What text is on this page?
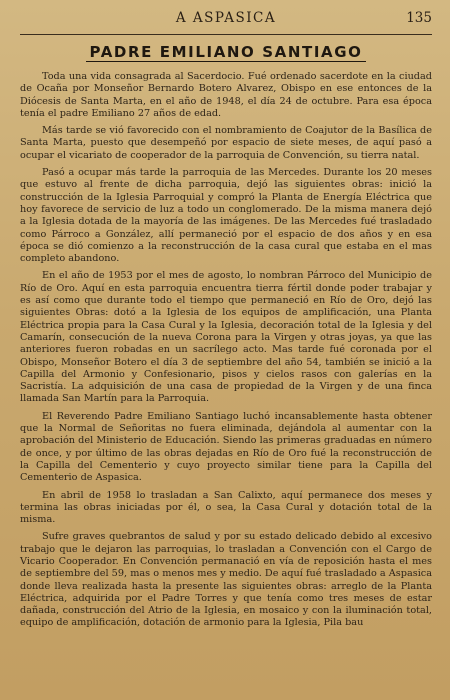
A ASPASICA	135
PADRE EMILIANO SANTIAGO

Toda una vida consagrada al Sacerdocio. Fué ordenado sacerdote en la ciudad de Ocaña por Monseñor Bernardo Botero Alvarez, Obispo en ese entonces de la Diócesis de Santa Marta, en el año de 1948, el día 24 de octubre. Para esa época tenía el padre Emiliano 27 años de edad.

Más tarde se vió favorecido con el nombramiento de Coajutor de la Basílica de Santa Marta, puesto que desempeñó por espacio de siete meses, de aquí pasó a ocupar el vicariato de cooperador de la parroquia de Convención, su tierra natal.

Pasó a ocupar más tarde la parroquia de las Mercedes. Durante los 20 meses que estuvo al frente de dicha parroquia, dejó las siguientes obras: inició la construcción de la Iglesia Parroquial y compró la Planta de Energía Eléctrica que hoy favorece de servicio de luz a todo un conglomerado. De la misma manera dejó a la Iglesia dotada de la mayoría de las imágenes. De las Mercedes fué trasladado como Párroco a González, allí permaneció por el espacio de dos años y en esa época se dió comienzo a la reconstrucción de la casa cural que estaba en el mas completo abandono.

En el año de 1953 por el mes de agosto, lo nombran Párroco del Municipio de Río de Oro. Aquí en esta parroquia encuentra tierra fértil donde poder trabajar y es así como que durante todo el tiempo que permaneció en Río de Oro, dejó las siguientes Obras: dotó a la Iglesia de los equipos de amplificación, una Planta Eléctrica propia para la Casa Cural y la Iglesia, decoración total de la Iglesia y del Camarín, consecución de la nueva Corona para la Virgen y otras joyas, ya que las anteriores fueron robadas en un sacrílego acto. Mas tarde fué coronada por el Obispo, Monseñor Botero el día 3 de septiembre del año 54, también se inició a la Capilla del Armonio y Confesionario, pisos y cielos rasos con galerías en la Sacristía. La adquisición de una casa de propiedad de la Virgen y de una finca llamada San Martín para la Parroquia.

El Reverendo Padre Emiliano Santiago luchó incansablemente hasta obtener que la Normal de Señoritas no fuera eliminada, dejándola al aumentar con la aprobación del Ministerio de Educación. Siendo las primeras graduadas en número de once, y por último de las obras dejadas en Río de Oro fué la reconstrucción de la Capilla del Cementerio y cuyo proyecto similar tiene para la Capilla del Cementerio de Aspasica.

En abril de 1958 lo trasladan a San Calixto, aquí permanece dos meses y termina las obras iniciadas por él, o sea, la Casa Cural y dotación total de la misma.

Sufre graves quebrantos de salud y por su estado delicado debido al excesivo trabajo que le dejaron las parroquias, lo trasladan a Convención con el Cargo de Vicario Cooperador. En Convención permanació en vía de reposición hasta el mes de septiembre del 59, mas o menos mes y medio. De aquí fué trasladado a Aspasica donde lleva realizada hasta la presente las siguientes obras: arreglo de la Planta Eléctrica, adquirida por el Padre Torres y que tenía como tres meses de estar dañada, construcción del Atrio de la Iglesia, en mosaico y con la iluminación total, equipo de amplificación, dotación de armonio para la Iglesia, Pila bau
